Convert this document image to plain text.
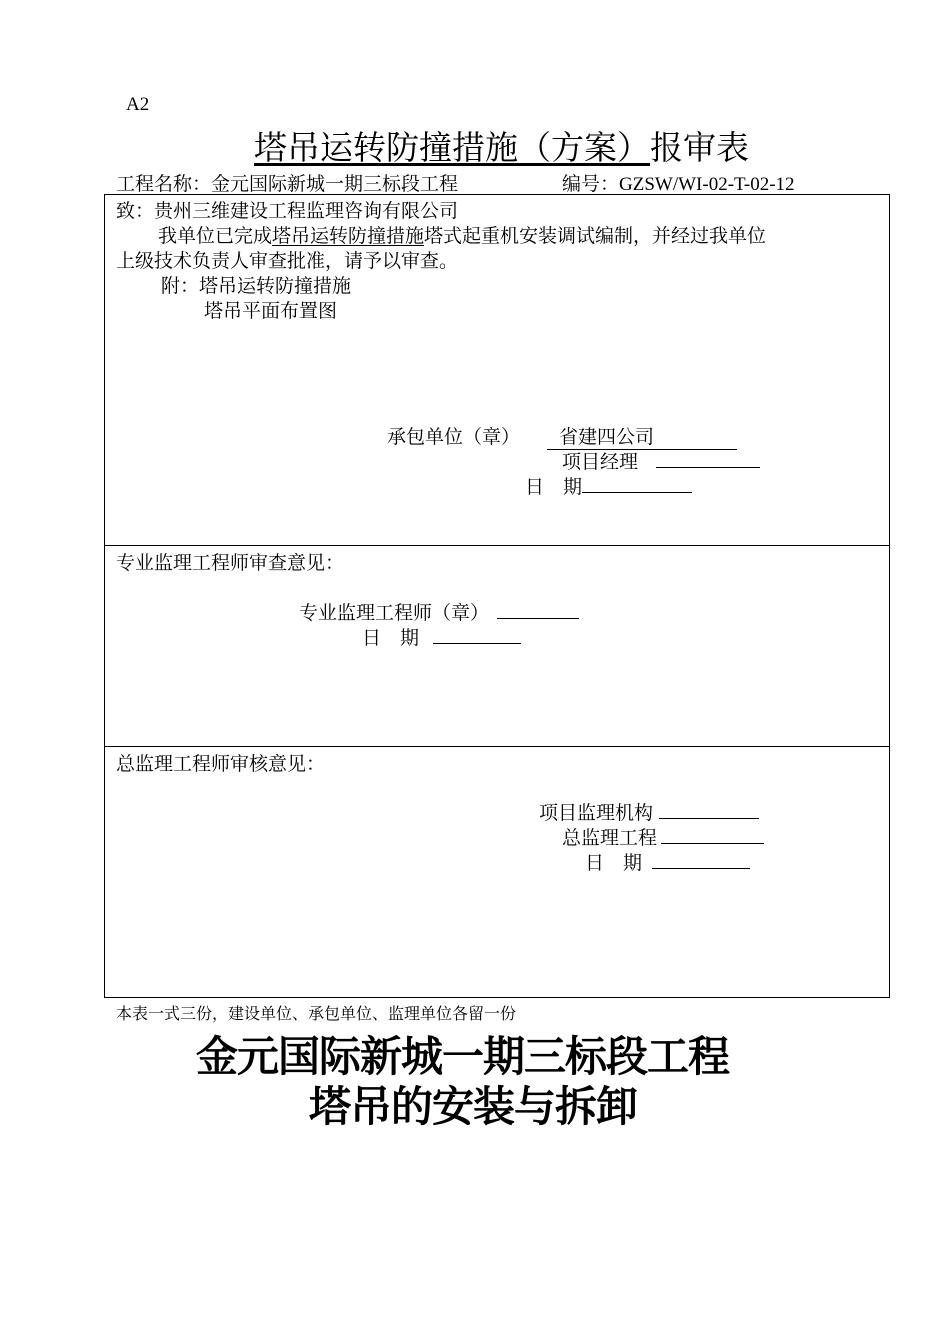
A2
塔吊运转防撞措施（方案）报审表
工程名称：金元国际新城一期三标段工程	编号：GZSW/WI-02-T-02-12
致：贵州三维建设工程监理咨询有限公司
我单位已完成塔吊运转防撞措施塔式起重机安装调试编制，并经过我单位
上级技术负责人审查批准，请予以审查。
附：塔吊运转防撞措施
塔吊平面布置图
承包单位（章） 省建四公司
项目经理
日　期
专业监理工程师审查意见：
专业监理工程师（章）
日　期
总监理工程师审核意见：
项目监理机构
总监理工程
日　期
本表一式三份，建设单位、承包单位、监理单位各留一份
金元国际新城一期三标段工程
塔吊的安装与拆卸
